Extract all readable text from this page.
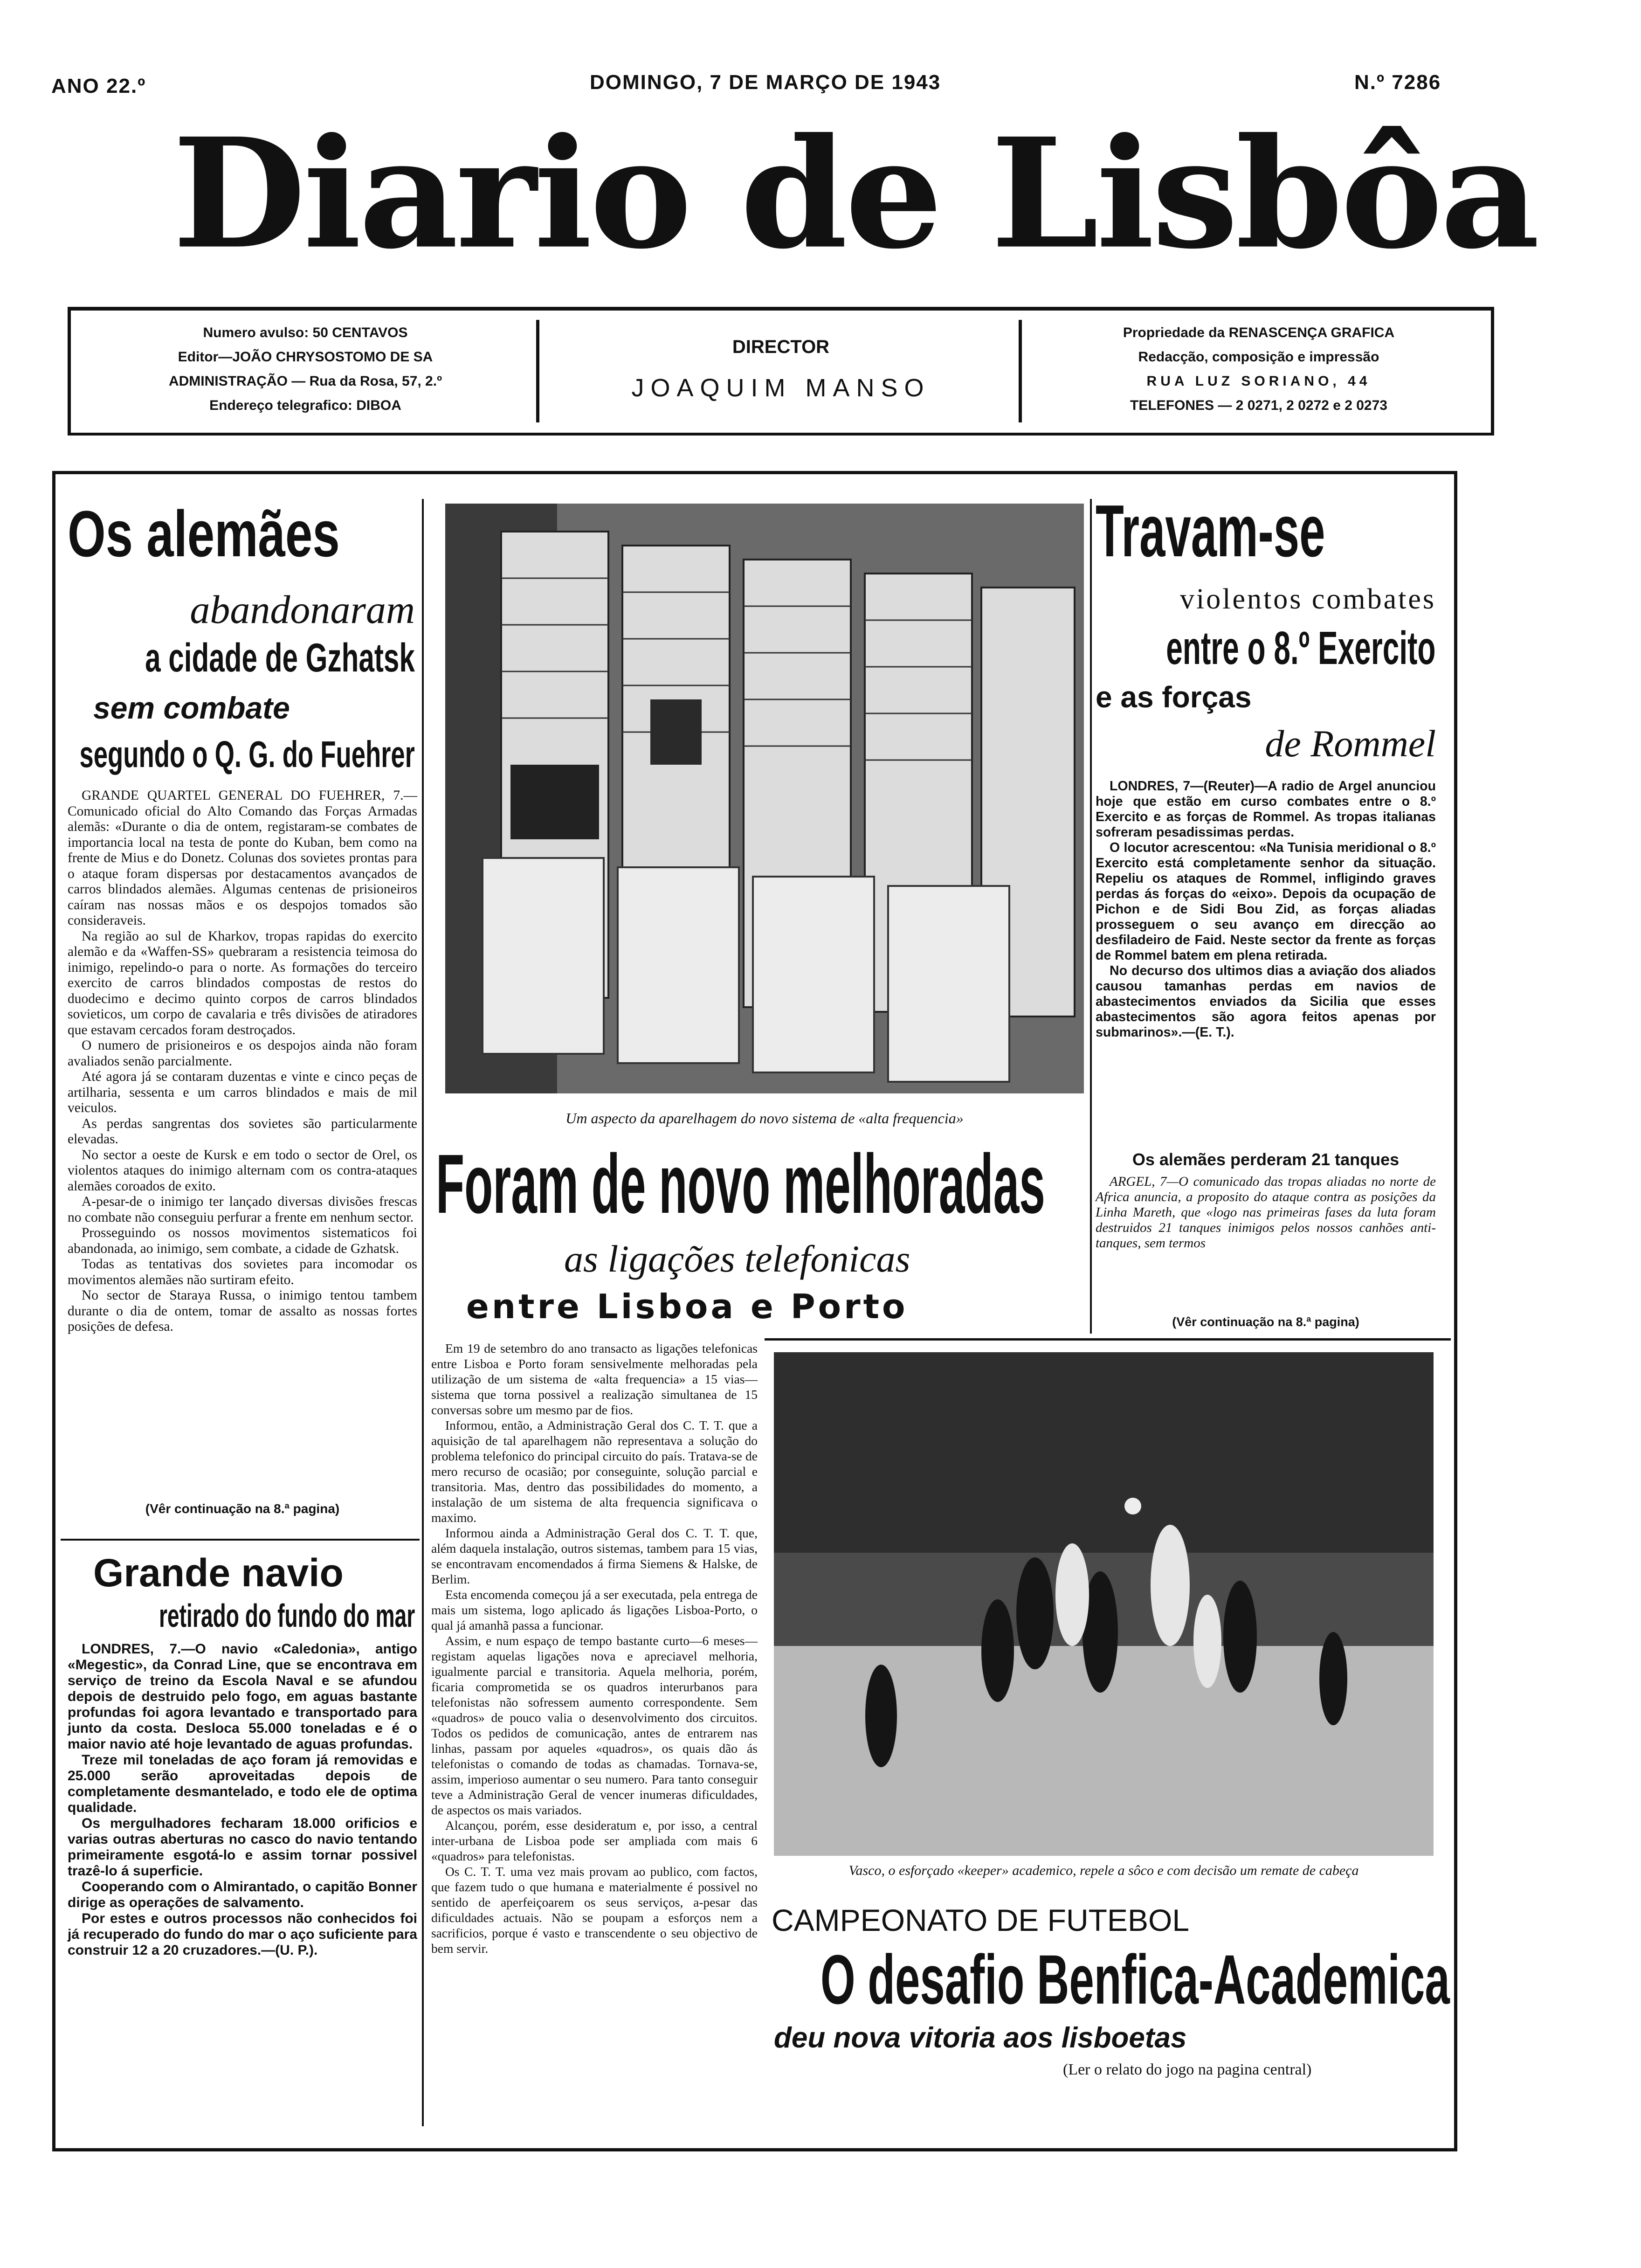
ANO 22.º	DOMINGO, 7 DE MARÇO DE 1943	N.º 7286
Diario de Lisbôa
Numero avulso: 50 CENTAVOS
Editor—JOÃO CHRYSOSTOMO DE SA
ADMINISTRAÇÃO — Rua da Rosa, 57, 2.º
Endereço telegrafico: DIBOA
DIRECTOR
JOAQUIM MANSO
Propriedade da RENASCENÇA GRAFICA
Redacção, composição e impressão
RUA LUZ SORIANO, 44
TELEFONES — 2 0271, 2 0272 e 2 0273
Os alemães
abandonaram
a cidade de Gzhatsk
sem combate
segundo o Q. G. do Fuehrer

GRANDE QUARTEL GENERAL DO FUEHRER, 7.—Comunicado oficial do Alto Comando das Forças Armadas alemãs: «Durante o dia de ontem, registaram-se combates de importancia local na testa de ponte do Kuban, bem como na frente de Mius e do Donetz. Colunas dos sovietes prontas para o ataque foram dispersas por destacamentos avançados de carros blindados alemães. Algumas centenas de prisioneiros caíram nas nossas mãos e os despojos tomados são consideraveis.

Na região ao sul de Kharkov, tropas rapidas do exercito alemão e da «Waffen-SS» quebraram a resistencia teimosa do inimigo, repelindo-o para o norte. As formações do terceiro exercito de carros blindados compostas de restos do duodecimo e decimo quinto corpos de carros blindados sovieticos, um corpo de cavalaria e três divisões de atiradores que estavam cercados foram destroçados.

O numero de prisioneiros e os despojos ainda não foram avaliados senão parcialmente.

Até agora já se contaram duzentas e vinte e cinco peças de artilharia, sessenta e um carros blindados e mais de mil veiculos.

As perdas sangrentas dos sovietes são particularmente elevadas.

No sector a oeste de Kursk e em todo o sector de Orel, os violentos ataques do inimigo alternam com os contra-ataques alemães coroados de exito.

A-pesar-de o inimigo ter lançado diversas divisões frescas no combate não conseguiu perfurar a frente em nenhum sector.

Prosseguindo os nossos movimentos sistematicos foi abandonada, ao inimigo, sem combate, a cidade de Gzhatsk.

Todas as tentativas dos sovietes para incomodar os movimentos alemães não surtiram efeito.

No sector de Staraya Russa, o inimigo tentou tambem durante o dia de ontem, tomar de assalto as nossas fortes posições de defesa.

(Vêr continuação na 8.ª pagina)
Grande navio
retirado do fundo do mar

LONDRES, 7.—O navio «Caledonia», antigo «Megestic», da Conrad Line, que se encontrava em serviço de treino da Escola Naval e se afundou depois de destruido pelo fogo, em aguas bastante profundas foi agora levantado e transportado para junto da costa. Desloca 55.000 toneladas e é o maior navio até hoje levantado de aguas profundas.

Treze mil toneladas de aço foram já removidas e 25.000 serão aproveitadas depois de completamente desmantelado, e todo ele de optima qualidade.

Os mergulhadores fecharam 18.000 orificios e varias outras aberturas no casco do navio tentando primeiramente esgotá-lo e assim tornar possivel trazê-lo á superficie.

Cooperando com o Almirantado, o capitão Bonner dirige as operações de salvamento.

Por estes e outros processos não conhecidos foi já recuperado do fundo do mar o aço suficiente para construir 12 a 20 cruzadores.—(U. P.).

Um aspecto da aparelhagem do novo sistema de «alta frequencia»
Foram de novo melhoradas
as ligações telefonicas
entre Lisboa e Porto

Em 19 de setembro do ano transacto as ligações telefonicas entre Lisboa e Porto foram sensivelmente melhoradas pela utilização de um sistema de «alta frequencia» a 15 vias—sistema que torna possivel a realização simultanea de 15 conversas sobre um mesmo par de fios.

Informou, então, a Administração Geral dos C. T. T. que a aquisição de tal aparelhagem não representava a solução do problema telefonico do principal circuito do país. Tratava-se de mero recurso de ocasião; por conseguinte, solução parcial e transitoria. Mas, dentro das possibilidades do momento, a instalação de um sistema de alta frequencia significava o maximo.

Informou ainda a Administração Geral dos C. T. T. que, além daquela instalação, outros sistemas, tambem para 15 vias, se encontravam encomendados á firma Siemens & Halske, de Berlim.

Esta encomenda começou já a ser executada, pela entrega de mais um sistema, logo aplicado ás ligações Lisboa-Porto, o qual já amanhã passa a funcionar.

Assim, e num espaço de tempo bastante curto—6 meses—registam aquelas ligações nova e apreciavel melhoria, igualmente parcial e transitoria. Aquela melhoria, porém, ficaria comprometida se os quadros interurbanos para telefonistas não sofressem aumento correspondente. Sem «quadros» de pouco valia o desenvolvimento dos circuitos. Todos os pedidos de comunicação, antes de entrarem nas linhas, passam por aqueles «quadros», os quais dão ás telefonistas o comando de todas as chamadas. Tornava-se, assim, imperioso aumentar o seu numero. Para tanto conseguir teve a Administração Geral de vencer inumeras dificuldades, de aspectos os mais variados.

Alcançou, porém, esse desideratum e, por isso, a central inter-urbana de Lisboa pode ser ampliada com mais 6 «quadros» para telefonistas.

Os C. T. T. uma vez mais provam ao publico, com factos, que fazem tudo o que humana e materialmente é possivel no sentido de aperfeiçoarem os seus serviços, a-pesar das dificuldades actuais. Não se poupam a esforços nem a sacrificios, porque é vasto e transcendente o seu objectivo de bem servir.

Travam-se
violentos combates
entre o 8.º Exercito
e as forças
de Rommel

LONDRES, 7—(Reuter)—A radio de Argel anunciou hoje que estão em curso combates entre o 8.º Exercito e as forças de Rommel. As tropas italianas sofreram pesadissimas perdas.

O locutor acrescentou: «Na Tunisia meridional o 8.º Exercito está completamente senhor da situação. Repeliu os ataques de Rommel, infligindo graves perdas ás forças do «eixo». Depois da ocupação de Pichon e de Sidi Bou Zid, as forças aliadas prosseguem o seu avanço em direcção ao desfiladeiro de Faid. Neste sector da frente as forças de Rommel batem em plena retirada.

No decurso dos ultimos dias a aviação dos aliados causou tamanhas perdas em navios de abastecimentos enviados da Sicilia que esses abastecimentos são agora feitos apenas por submarinos».—(E. T.).

Os alemães perderam 21 tanques

ARGEL, 7—O comunicado das tropas aliadas no norte de Africa anuncia, a proposito do ataque contra as posições da Linha Mareth, que «logo nas primeiras fases da luta foram destruidos 21 tanques inimigos pelos nossos canhões anti-tanques, sem termos

(Vêr continuação na 8.ª pagina)
Vasco, o esforçado «keeper» academico, repele a sôco e com decisão um remate de cabeça
CAMPEONATO DE FUTEBOL
O desafio Benfica-Academica
deu nova vitoria aos lisboetas
(Ler o relato do jogo na pagina central)
